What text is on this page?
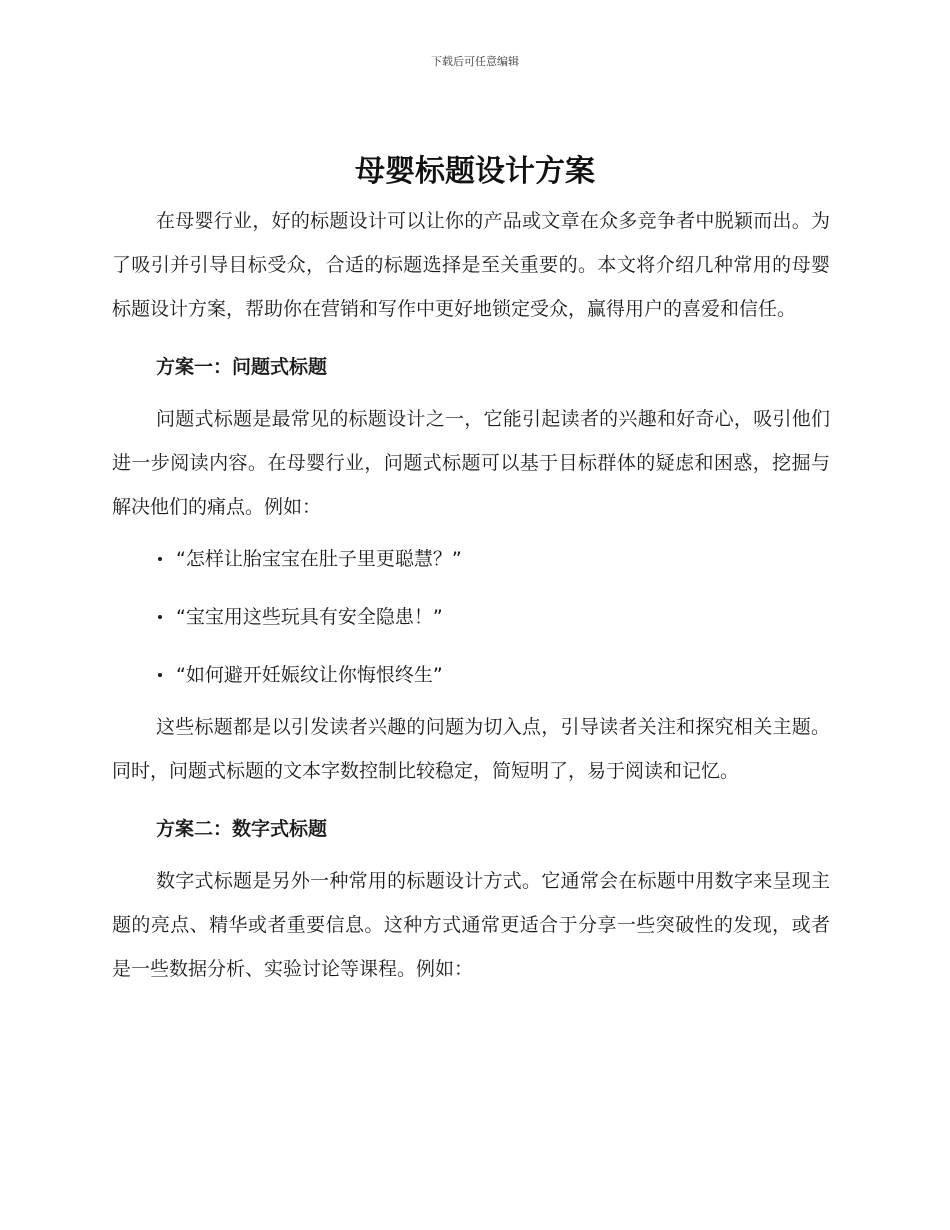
下载后可任意编辑
母婴标题设计方案

在母婴行业，好的标题设计可以让你的产品或文章在众多竞争者中脱颖而出。为了吸引并引导目标受众，合适的标题选择是至关重要的。本文将介绍几种常用的母婴标题设计方案，帮助你在营销和写作中更好地锁定受众，赢得用户的喜爱和信任。

方案一：问题式标题

问题式标题是最常见的标题设计之一，它能引起读者的兴趣和好奇心，吸引他们进一步阅读内容。在母婴行业，问题式标题可以基于目标群体的疑虑和困惑，挖掘与解决他们的痛点。例如：

“怎样让胎宝宝在肚子里更聪慧？”
“宝宝用这些玩具有安全隐患！”
“如何避开妊娠纹让你悔恨终生”

这些标题都是以引发读者兴趣的问题为切入点，引导读者关注和探究相关主题。同时，问题式标题的文本字数控制比较稳定，简短明了，易于阅读和记忆。

方案二：数字式标题

数字式标题是另外一种常用的标题设计方式。它通常会在标题中用数字来呈现主题的亮点、精华或者重要信息。这种方式通常更适合于分享一些突破性的发现，或者是一些数据分析、实验讨论等课程。例如：
